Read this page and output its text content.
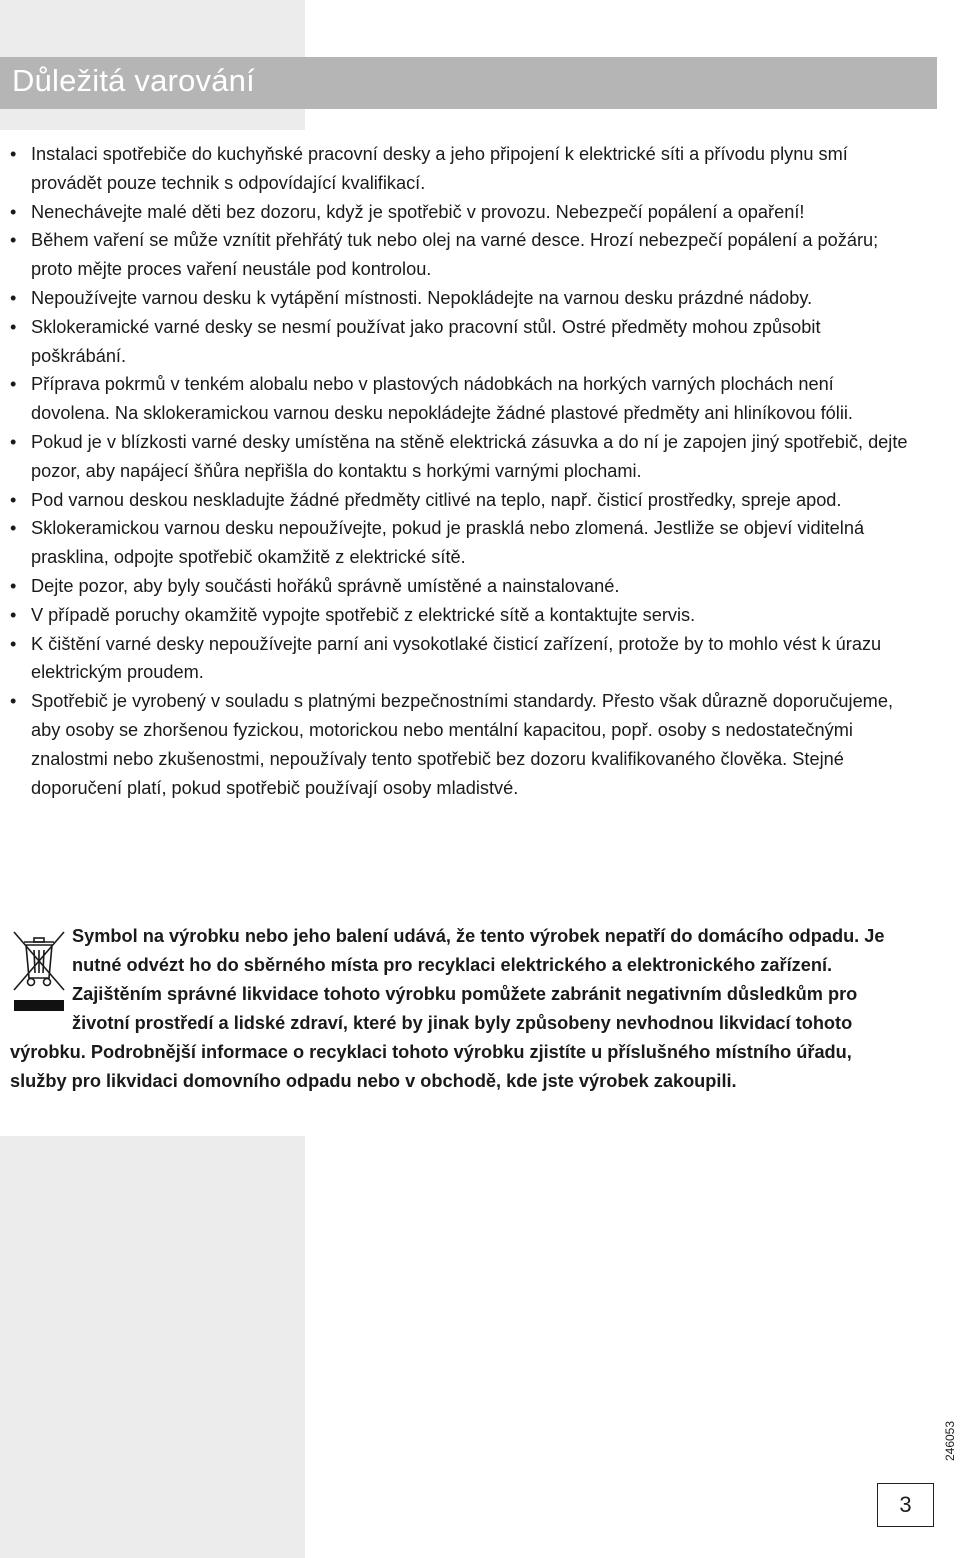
Důležitá varování
• Instalaci spotřebiče do kuchyňské pracovní desky a jeho připojení k elektrické síti a přívodu plynu smí provádět pouze technik s odpovídající kvalifikací.
• Nenechávejte malé děti bez dozoru, když je spotřebič v provozu. Nebezpečí popálení a opaření!
• Během vaření se může vznítit přehřátý tuk nebo olej na varné desce. Hrozí nebezpečí popálení a požáru; proto mějte proces vaření neustále pod kontrolou.
• Nepoužívejte varnou desku k vytápění místnosti. Nepokládejte na varnou desku prázdné nádoby.
• Sklokeramické varné desky se nesmí používat jako pracovní stůl. Ostré předměty mohou způsobit poškrábání.
• Příprava pokrmů v tenkém alobalu nebo v plastových nádobkách na horkých varných plochách není dovolena. Na sklokeramickou varnou desku nepokládejte žádné plastové předměty ani hliníkovou fólii.
• Pokud je v blízkosti varné desky umístěna na stěně elektrická zásuvka a do ní je zapojen jiný spotřebič, dejte pozor, aby napájecí šňůra nepřišla do kontaktu s horkými varnými plochami.
• Pod varnou deskou neskladujte žádné předměty citlivé na teplo, např. čisticí prostředky, spreje apod.
• Sklokeramickou varnou desku nepoužívejte, pokud je prasklá nebo zlomená. Jestliže se objeví viditelná prasklina, odpojte spotřebič okamžitě z elektrické sítě.
• Dejte pozor, aby byly součásti hořáků správně umístěné a nainstalované.
• V případě poruchy okamžitě vypojte spotřebič z elektrické sítě a kontaktujte servis.
• K čištění varné desky nepoužívejte parní ani vysokotlaké čisticí zařízení, protože by to mohlo vést k úrazu elektrickým proudem.
• Spotřebič je vyrobený v souladu s platnými bezpečnostními standardy. Přesto však důrazně doporučujeme, aby osoby se zhoršenou fyzickou, motorickou nebo mentální kapacitou, popř. osoby s nedostatečnými znalostmi nebo zkušenostmi, nepoužívaly tento spotřebič bez dozoru kvalifikovaného člověka. Stejné doporučení platí, pokud spotřebič používají osoby mladistvé.
Symbol na výrobku nebo jeho balení udává, že tento výrobek nepatří do domácího odpadu. Je nutné odvézt ho do sběrného místa pro recyklaci elektrického a elektronického zařízení. Zajištěním správné likvidace tohoto výrobku pomůžete zabránit negativním důsledkům pro životní prostředí a lidské zdraví, které by jinak byly způsobeny nevhodnou likvidací tohoto výrobku. Podrobnější informace o recyklaci tohoto výrobku zjistíte u příslušného místního úřadu, služby pro likvidaci domovního odpadu nebo v obchodě, kde jste výrobek zakoupili.
246053
3
